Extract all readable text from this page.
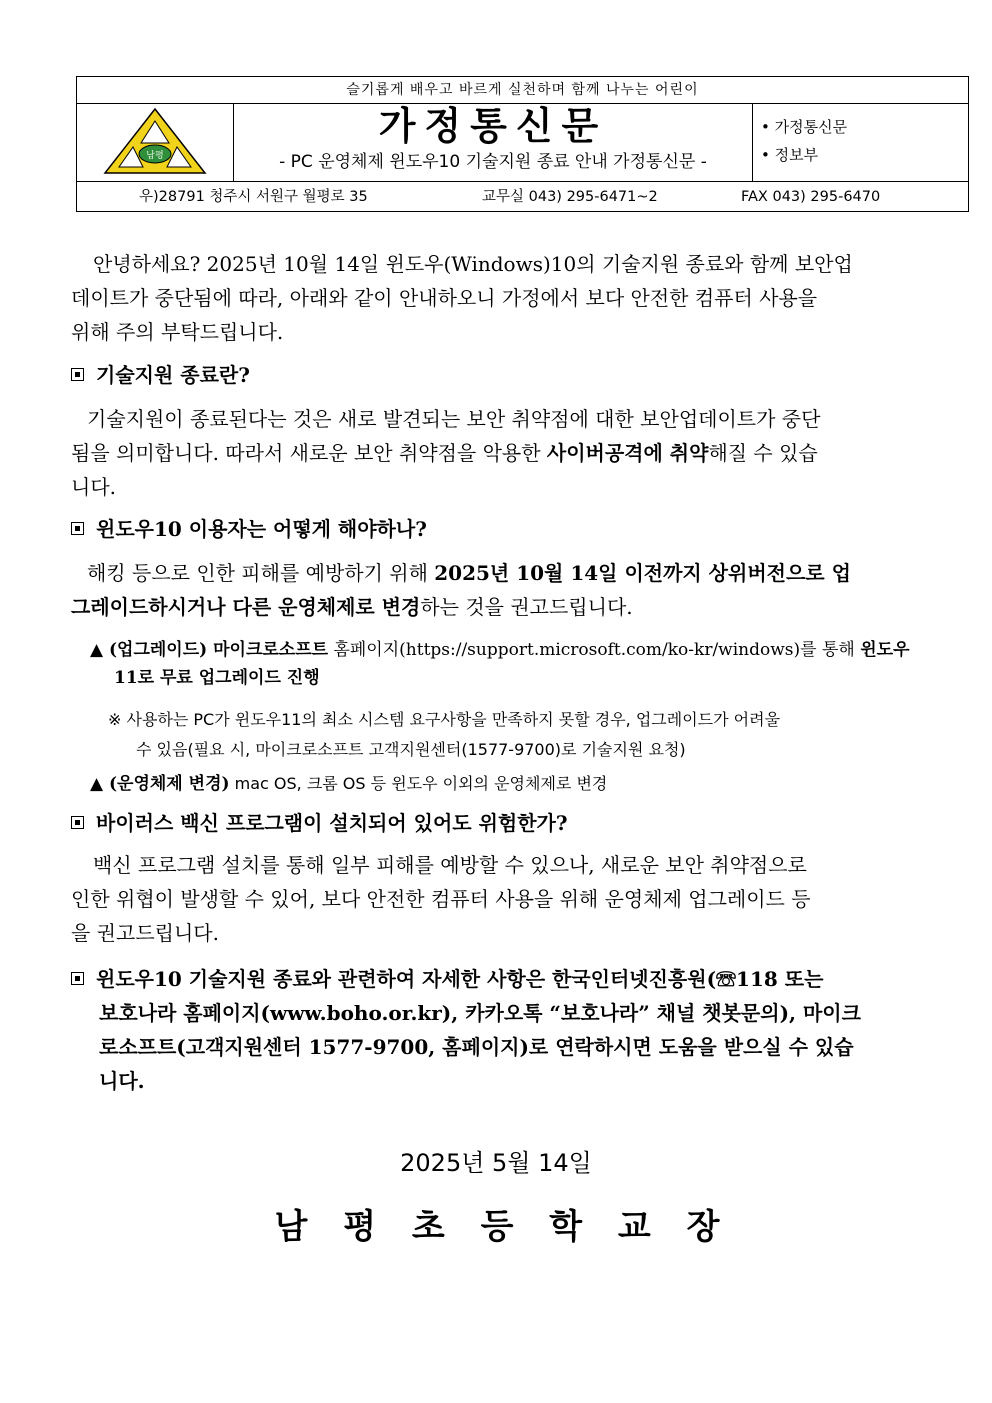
슬기롭게 배우고 바르게 실천하며 함께 나누는 어린이
남평
가정통신문
- PC 운영체제 윈도우10 기술지원 종료 안내 가정통신문 -
• 가정통신문
• 정보부
우)28791 청주시 서원구 월평로 35	교무실 043) 295-6471~2	FAX 043) 295-6470
안녕하세요? 2025년 10월 14일 윈도우(Windows)10의 기술지원 종료와 함께 보안업
데이트가 중단됨에 따라, 아래와 같이 안내하오니 가정에서 보다 안전한 컴퓨터 사용을
위해 주의 부탁드립니다.
기술지원 종료란?
기술지원이 종료된다는 것은 새로 발견되는 보안 취약점에 대한 보안업데이트가 중단
됨을 의미합니다. 따라서 새로운 보안 취약점을 악용한 사이버공격에 취약해질 수 있습
니다.
윈도우10 이용자는 어떻게 해야하나?
해킹 등으로 인한 피해를 예방하기 위해 2025년 10월 14일 이전까지 상위버전으로 업
그레이드하시거나 다른 운영체제로 변경하는 것을 권고드립니다.
▲ (업그레이드) 마이크로소프트 홈페이지(https://support.microsoft.com/ko-kr/windows)를 통해 윈도우
11로 무료 업그레이드 진행
※ 사용하는 PC가 윈도우11의 최소 시스템 요구사항을 만족하지 못할 경우, 업그레이드가 어려울
수 있음(필요 시, 마이크로소프트 고객지원센터(1577-9700)로 기술지원 요청)
▲ (운영체제 변경) mac OS, 크롬 OS 등 윈도우 이외의 운영체제로 변경
바이러스 백신 프로그램이 설치되어 있어도 위험한가?
백신 프로그램 설치를 통해 일부 피해를 예방할 수 있으나, 새로운 보안 취약점으로
인한 위협이 발생할 수 있어, 보다 안전한 컴퓨터 사용을 위해 운영체제 업그레이드 등
을 권고드립니다.
윈도우10 기술지원 종료와 관련하여 자세한 사항은 한국인터넷진흥원(☏118 또는
보호나라 홈페이지(www.boho.or.kr), 카카오톡 “보호나라” 채널 챗봇문의), 마이크
로소프트(고객지원센터 1577-9700, 홈페이지)로 연락하시면 도움을 받으실 수 있습
니다.
2025년 5월 14일
남 평 초 등 학 교 장
